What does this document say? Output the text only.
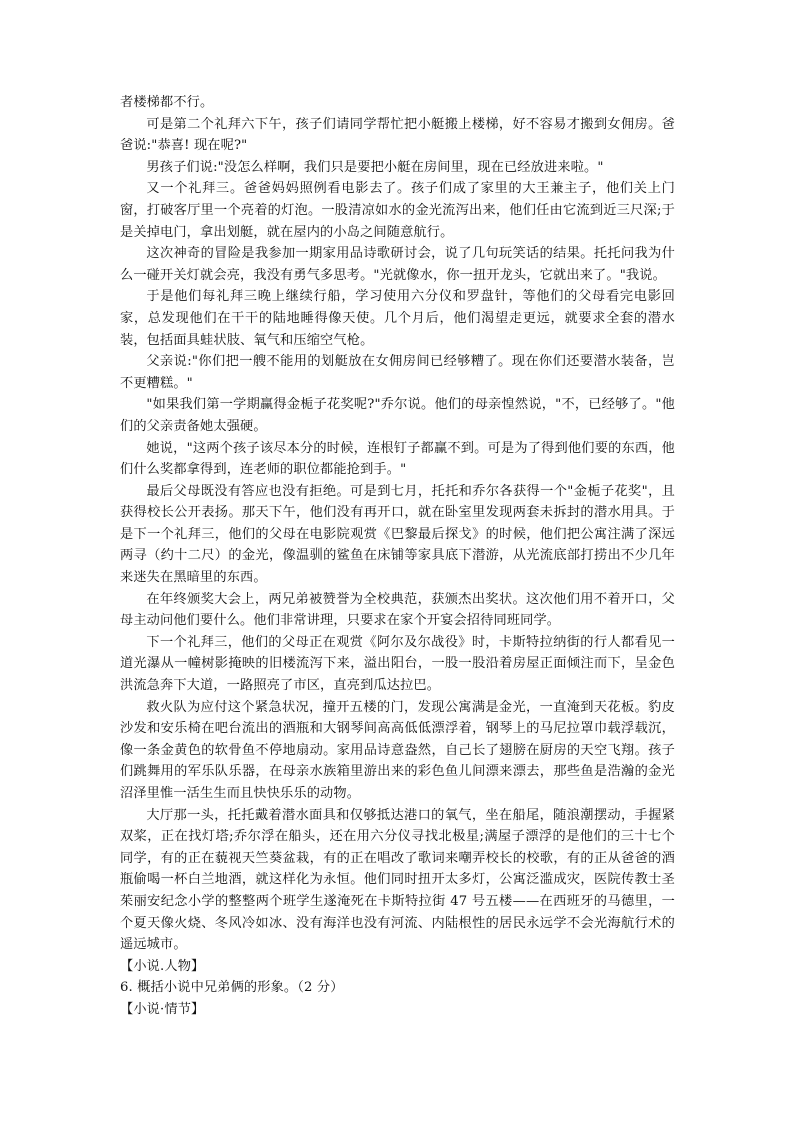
者楼梯都不行。

可是第二个礼拜六下午，孩子们请同学帮忙把小艇搬上楼梯，好不容易才搬到女佣房。爸爸说:"恭喜! 现在呢?"

男孩子们说:"没怎么样啊，我们只是要把小艇在房间里，现在已经放进来啦。"

又一个礼拜三。爸爸妈妈照例看电影去了。孩子们成了家里的大王兼主子，他们关上门窗，打破客厅里一个亮着的灯泡。一股清凉如水的金光流泻出来，他们任由它流到近三尺深;于是关掉电门，拿出划艇，就在屋内的小岛之间随意航行。

这次神奇的冒险是我参加一期家用品诗歌研讨会，说了几句玩笑话的结果。托托问我为什么一碰开关灯就会亮，我没有勇气多思考。"光就像水，你一扭开龙头，它就出来了。"我说。

于是他们每礼拜三晚上继续行船，学习使用六分仪和罗盘针，等他们的父母看完电影回家，总发现他们在干干的陆地睡得像天使。几个月后，他们渴望走更远，就要求全套的潜水装，包括面具蛙状肢、氧气和压缩空气枪。

父亲说:"你们把一艘不能用的划艇放在女佣房间已经够糟了。现在你们还要潜水装备，岂不更糟糕。"

"如果我们第一学期赢得金栀子花奖呢?"乔尔说。他们的母亲惶然说，"不，已经够了。"他们的父亲责备她太强硬。

她说，"这两个孩子该尽本分的时候，连根钉子都赢不到。可是为了得到他们要的东西，他们什么奖都拿得到，连老师的职位都能抢到手。"

最后父母既没有答应也没有拒绝。可是到七月，托托和乔尔各获得一个"金栀子花奖"，且获得校长公开表扬。那天下午，他们没有再开口，就在卧室里发现两套未拆封的潜水用具。于是下一个礼拜三，他们的父母在电影院观赏《巴黎最后探戈》的时候，他们把公寓注满了深远两寻（约十二尺）的金光，像温驯的鲨鱼在床铺等家具底下潜游，从光流底部打捞出不少几年来迷失在黑暗里的东西。

在年终颁奖大会上，两兄弟被赞誉为全校典范，获颁杰出奖状。这次他们用不着开口，父母主动问他们要什么。他们非常讲理，只要求在家个开宴会招待同班同学。

下一个礼拜三，他们的父母正在观赏《阿尔及尔战役》时，卡斯特拉纳街的行人都看见一道光瀑从一幢树影掩映的旧楼流泻下来，溢出阳台，一股一股沿着房屋正面倾注而下，呈金色洪流急奔下大道，一路照亮了市区，直亮到瓜达拉巴。

救火队为应付这个紧急状况，撞开五楼的门，发现公寓满是金光，一直淹到天花板。豹皮沙发和安乐椅在吧台流出的酒瓶和大钢琴间高高低低漂浮着，钢琴上的马尼拉罩巾载浮载沉，像一条金黄色的软骨鱼不停地扇动。家用品诗意盎然，自己长了翅膀在厨房的天空飞翔。孩子们跳舞用的军乐队乐器，在母亲水族箱里游出来的彩色鱼儿间漂来漂去，那些鱼是浩瀚的金光沼泽里惟一活生生而且快快乐乐的动物。

大厅那一头，托托戴着潜水面具和仅够抵达港口的氧气，坐在船尾，随浪潮摆动，手握紧双桨，正在找灯塔;乔尔浮在船头，还在用六分仪寻找北极星;满屋子漂浮的是他们的三十七个同学，有的正在藐视天竺葵盆栽，有的正在唱改了歌词来嘲弄校长的校歌，有的正从爸爸的酒瓶偷喝一杯白兰地酒，就这样化为永恒。他们同时扭开太多灯，公寓泛滥成灾，医院传教士圣茱丽安纪念小学的整整两个班学生遂淹死在卡斯特拉街 47 号五楼——在西班牙的马德里，一个夏天像火烧、冬风冷如冰、没有海洋也没有河流、内陆根性的居民永远学不会光海航行术的遥远城市。

【小说.人物】

6. 概括小说中兄弟俩的形象。（2 分）

【小说·情节】
